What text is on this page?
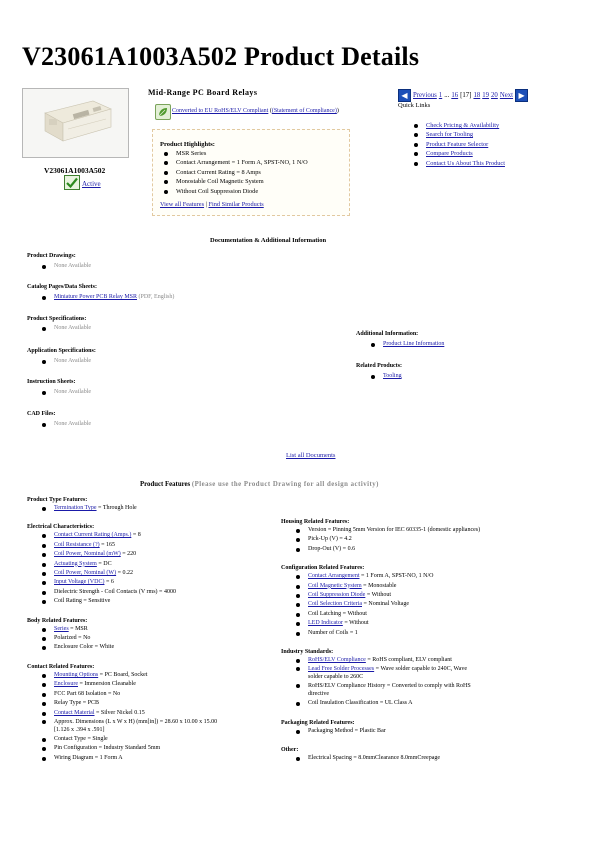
V23061A1003A502 Product Details
V23061A1003A502
Active
Mid-Range PC Board Relays
Converted to EU RoHS/ELV Compliant ((Statement of Compliance))
Product Highlights:
MSR Series
Contact Arrangement = 1 Form A, SPST-NO, 1 N/O
Contact Current Rating = 8 Amps
Monostable Coil Magnetic System
Without Coil Suppression Diode
View all Features | Find Similar Products
◀ Previous 1 ... 16 [17] 18 19 20 Next ▶
Quick Links
Check Pricing & Availability
Search for Tooling
Product Feature Selector
Compare Products
Contact Us About This Product
Documentation & Additional Information
Product Drawings:
None Available
Catalog Pages/Data Sheets:
Miniature Power PCB Relay MSR (PDF, English)
Product Specifications:
None Available
Application Specifications:
None Available
Instruction Sheets:
None Available
CAD Files:
None Available
Additional Information:
Product Line Information
Related Products:
Tooling
List all Documents
Product Features (Please use the Product Drawing for all design activity)
Product Type Features:
Termination Type = Through Hole
Electrical Characteristics:
Contact Current Rating (Amps.) = 8
Coil Resistance (?) = 165
Coil Power, Nominal (mW) = 220
Actuating System = DC
Coil Power, Nominal (W) = 0.22
Input Voltage (VDC) = 6
Dielectric Strength - Coil Contacts (V rms) = 4000
Coil Rating = Sensitive
Body Related Features:
Series = MSR
Polarized = No
Enclosure Color = White
Contact Related Features:
Mounting Options = PC Board, Socket
Enclosure = Immersion Cleanable
FCC Part 68 Isolation = No
Relay Type = PCB
Contact Material = Silver Nickel 0.15
Approx. Dimensions (L x W x H) (mm[in]) = 28.60 x 10.00 x 15.00 [1.126 x .394 x .591]
Contact Type = Single
Pin Configuration = Industry Standard 5mm
Wiring Diagram = 1 Form A
Housing Related Features:
Version = Pinning 5mm Version for IEC 60335-1 (domestic appliances)
Pick-Up (V) = 4.2
Drop-Out (V) = 0.6
Configuration Related Features:
Contact Arrangement = 1 Form A, SPST-NO, 1 N/O
Coil Magnetic System = Monostable
Coil Suppression Diode = Without
Coil Selection Criteria = Nominal Voltage
Coil Latching = Without
LED Indicator = Without
Number of Coils = 1
Industry Standards:
RoHS/ELV Compliance = RoHS compliant, ELV compliant
Lead Free Solder Processes = Wave solder capable to 240C, Wave solder capable to 260C
RoHS/ELV Compliance History = Converted to comply with RoHS directive
Coil Insulation Classification = UL Class A
Packaging Related Features:
Packaging Method = Plastic Bar
Other:
Electrical Spacing = 8.0mmClearance 8.0mmCreepage
